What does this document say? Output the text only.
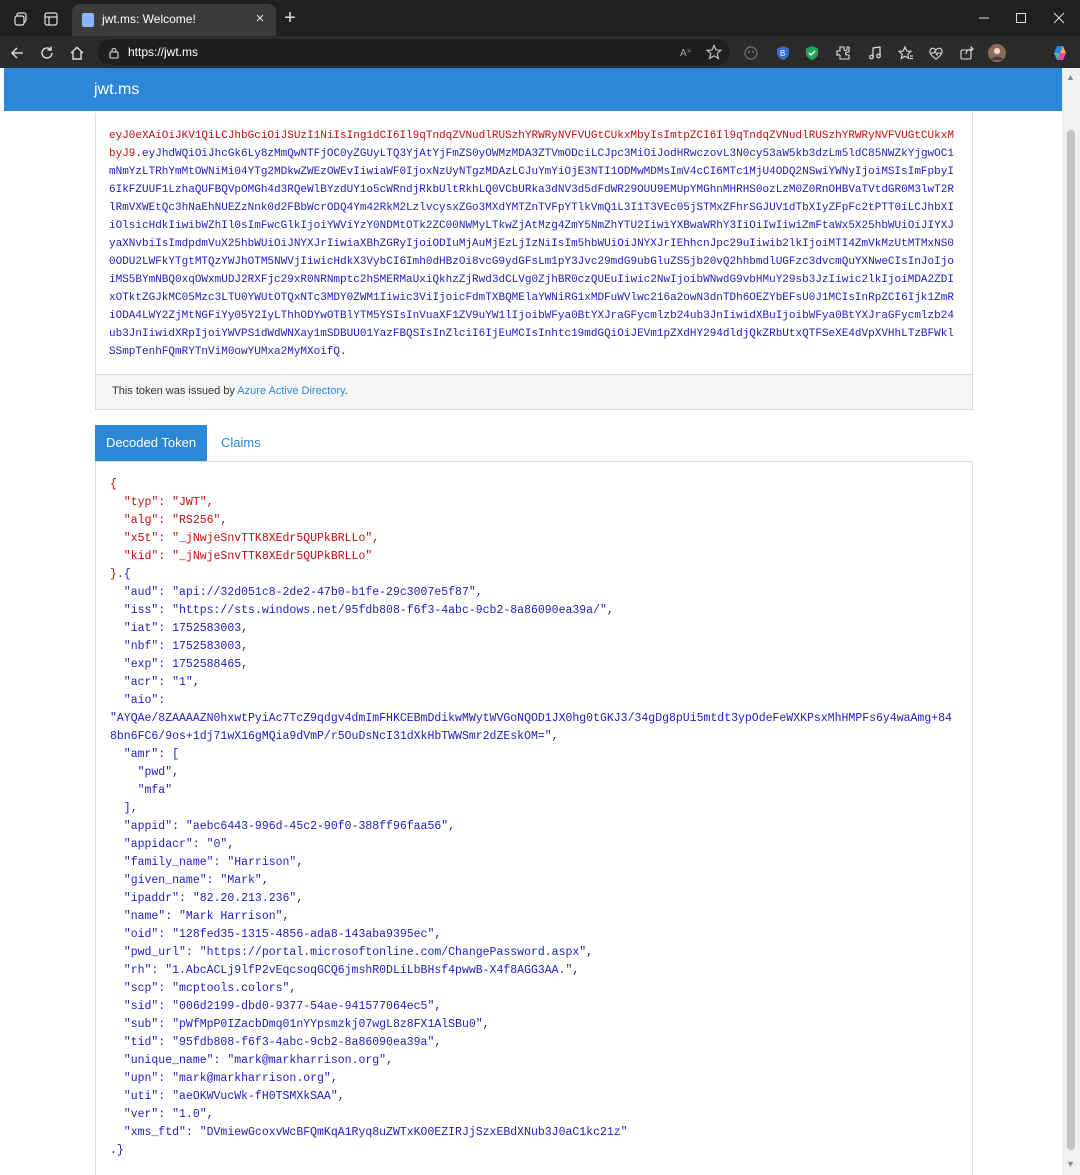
jwt.ms: Welcome!	× +
https://jwt.ms	A »	B
jwt.ms

eyJ0eXAiOiJKV1QiLCJhbGciOiJSUzI1NiIsIng1dCI6Il9qTndqZVNudlRUSzhYRWRyNVFVUGtCUkxMbyIsImtpZCI6Il9qTndqZVNudlRUSzhYRWRyNVFVUGtCUkxMbyJ9.eyJhdWQiOiJhcGk6Ly8zMmQwNTFjOC0yZGUyLTQ3YjAtYjFmZS0yOWMzMDA3ZTVmODciLCJpc3MiOiJodHRwczovL3N0cy53aW5kb3dzLm5ldC85NWZkYjgwOC1mNmYzLTRhYmMtOWNiMi04YTg2MDkwZWEzOWEvIiwiaWF0IjoxNzUyNTgzMDAzLCJuYmYiOjE3NTI1ODMwMDMsImV4cCI6MTc1MjU4ODQ2NSwiYWNyIjoiMSIsImFpbyI6IkFZUUF1LzhaQUFBQVpOMGh4d3RQeWlBYzdUY1o5cWRndjRkbUltRkhLQ0VCbURka3dNV3d5dFdWR29OUU9EMUpYMGhnMHRHS0ozLzM0Z0RnOHBVaTVtdGR0M3lwT2RlRmVXWEtQc3hNaEhNUEZzNnk0d2FBbWcrODQ4Ym42RkM2LzlvcysxZGo3MXdYMTZnTVFpYTlkVmQ1L3I1T3VEc05jSTMxZFhrSGJUV1dTbXIyZFpFc2tPTT0iLCJhbXIiOlsicHdkIiwibWZhIl0sImFwcGlkIjoiYWViYzY0NDMtOTk2ZC00NWMyLTkwZjAtMzg4ZmY5NmZhYTU2IiwiYXBwaWRhY3IiOiIwIiwiZmFtaWx5X25hbWUiOiJIYXJyaXNvbiIsImdpdmVuX25hbWUiOiJNYXJrIiwiaXBhZGRyIjoiODIuMjAuMjEzLjIzNiIsIm5hbWUiOiJNYXJrIEhhcnJpc29uIiwib2lkIjoiMTI4ZmVkMzUtMTMxNS00ODU2LWFkYTgtMTQzYWJhOTM5NWVjIiwicHdkX3VybCI6Imh0dHBzOi8vcG9ydGFsLm1pY3Jvc29mdG9ubGluZS5jb20vQ2hhbmdlUGFzc3dvcmQuYXNweCIsInJoIjoiMS5BYmNBQ0xqOWxmUDJ2RXFjc29xR0NRNmptc2hSMERMaUxiQkhzZjRwd3dCLVg0ZjhBR0czQUEuIiwic2NwIjoibWNwdG9vbHMuY29sb3JzIiwic2lkIjoiMDA2ZDIxOTktZGJkMC05Mzc3LTU0YWUtOTQxNTc3MDY0ZWM1Iiwic3ViIjoicFdmTXBQMElaYWNiRG1xMDFuWVlwc216a2owN3dnTDh6OEZYbEFsU0J1MCIsInRpZCI6Ijk1ZmRiODA4LWY2ZjMtNGFiYy05Y2IyLThhODYwOTBlYTM5YSIsInVuaXF1ZV9uYW1lIjoibWFya0BtYXJraGFycmlzb24ub3JnIiwidXBuIjoibWFya0BtYXJraGFycmlzb24ub3JnIiwidXRpIjoiYWVPS1dWdWNXay1mSDBUU01YazFBQSIsInZlciI6IjEuMCIsInhtc19mdGQiOiJEVm1pZXdHY294dldjQkZRbUtxQTFSeXE4dVpXVHhLTzBFWklSSmpTenhFQmRYTnViM0owYUMxa2MyMXoifQ.

This token was issued by Azure Active Directory.
Decoded Token	Claims
{
"typ": "JWT",
"alg": "RS256",
"x5t": "_jNwjeSnvTTK8XEdr5QUPkBRLLo",
"kid": "_jNwjeSnvTTK8XEdr5QUPkBRLLo"
}.{
"aud": "api://32d051c8-2de2-47b0-b1fe-29c3007e5f87",
"iss": "https://sts.windows.net/95fdb808-f6f3-4abc-9cb2-8a86090ea39a/",
"iat": 1752583003,
"nbf": 1752583003,
"exp": 1752588465,
"acr": "1",
"aio":
"AYQAe/8ZAAAAZN0hxwtPyiAc7TcZ9qdgv4dmImFHKCEBmDdikwMWytWVGoNQOD1JX0hg0tGKJ3/34gDg8pUi5mtdt3ypOdeFeWXKPsxMhHMPFs6y4waAmg+84
8bn6FC6/9os+1dj71wX16gMQia9dVmP/r5OuDsNcI31dXkHbTWWSmr2dZEskOM=",
"amr": [
"pwd",
"mfa"
],
"appid": "aebc6443-996d-45c2-90f0-388ff96faa56",
"appidacr": "0",
"family_name": "Harrison",
"given_name": "Mark",
"ipaddr": "82.20.213.236",
"name": "Mark Harrison",
"oid": "128fed35-1315-4856-ada8-143aba9395ec",
"pwd_url": "https://portal.microsoftonline.com/ChangePassword.aspx",
"rh": "1.AbcACLj9lfP2vEqcsoqGCQ6jmshR0DLiLbBHsf4pwwB-X4f8AGG3AA.",
"scp": "mcptools.colors",
"sid": "006d2199-dbd0-9377-54ae-941577064ec5",
"sub": "pWfMpP0IZacbDmq01nYYpsmzkj07wgL8z8FX1AlSBu0",
"tid": "95fdb808-f6f3-4abc-9cb2-8a86090ea39a",
"unique_name": "mark@markharrison.org",
"upn": "mark@markharrison.org",
"uti": "aeOKWVucWk-fH0TSMXkSAA",
"ver": "1.0",
"xms_ftd": "DVmiewGcoxvWcBFQmKqA1Ryq8uZWTxKO0EZIRJjSzxEBdXNub3J0aC1kc21z"
.}
▲
▼
